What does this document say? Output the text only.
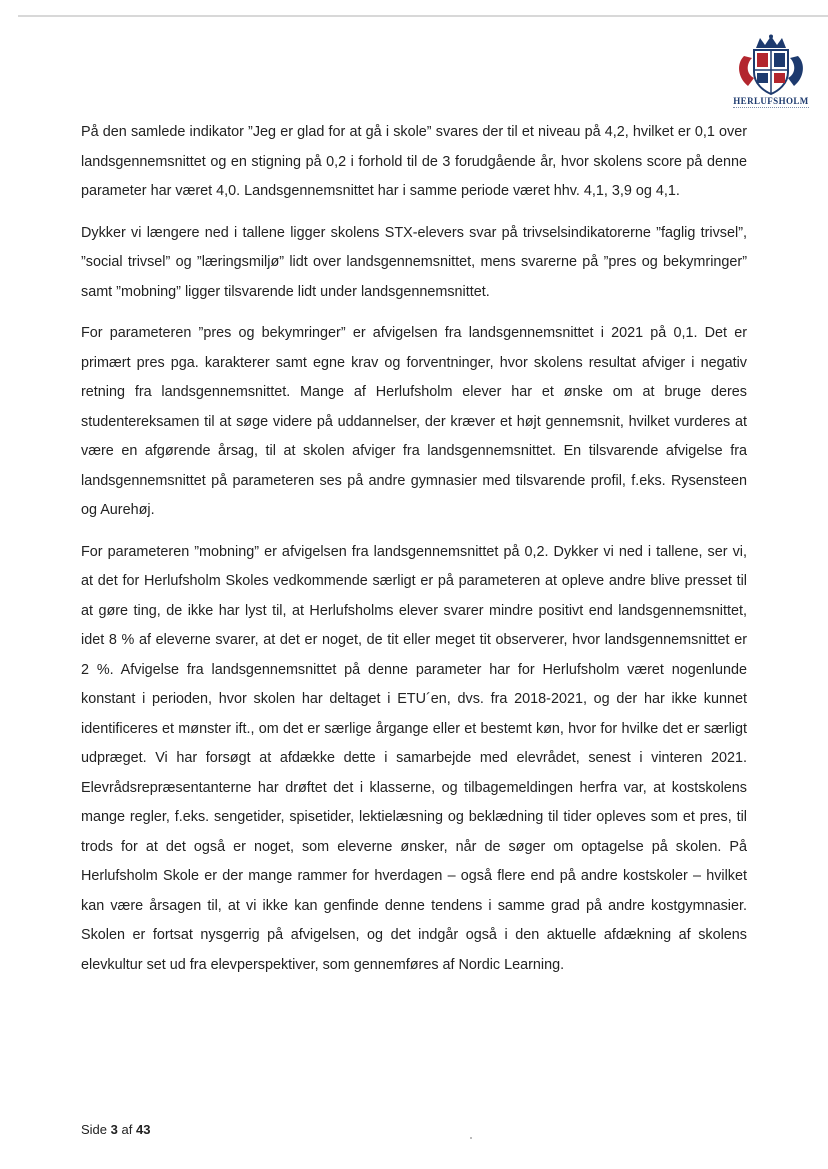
HERLUFSHOLM

På den samlede indikator ”Jeg er glad for at gå i skole” svares der til et niveau på 4,2, hvilket er 0,1 over landsgennemsnittet og en stigning på 0,2 i forhold til de 3 forudgående år, hvor skolens score på denne parameter har været 4,0. Landsgennemsnittet har i samme periode været hhv. 4,1, 3,9 og 4,1.

Dykker vi længere ned i tallene ligger skolens STX-elevers svar på trivselsindikatorerne ”faglig trivsel”, ”social trivsel” og ”læringsmiljø” lidt over landsgennemsnittet, mens svarerne på ”pres og bekymringer” samt ”mobning” ligger tilsvarende lidt under landsgennemsnittet.

For parameteren ”pres og bekymringer” er afvigelsen fra landsgennemsnittet i 2021 på 0,1. Det er primært pres pga. karakterer samt egne krav og forventninger, hvor skolens resultat afviger i negativ retning fra landsgennemsnittet. Mange af Herlufsholm elever har et ønske om at bruge deres studentereksamen til at søge videre på uddannelser, der kræver et højt gennemsnit, hvilket vurderes at være en afgørende årsag, til at skolen afviger fra landsgennemsnittet. En tilsvarende afvigelse fra landsgennemsnittet på parameteren ses på andre gymnasier med tilsvarende profil, f.eks. Rysensteen og Aurehøj.

For parameteren ”mobning” er afvigelsen fra landsgennemsnittet på 0,2. Dykker vi ned i tallene, ser vi, at det for Herlufsholm Skoles vedkommende særligt er på parameteren at opleve andre blive presset til at gøre ting, de ikke har lyst til, at Herlufsholms elever svarer mindre positivt end landsgennemsnittet, idet 8 % af eleverne svarer, at det er noget, de tit eller meget tit observerer, hvor landsgennemsnittet er 2 %. Afvigelse fra landsgennemsnittet på denne parameter har for Herlufsholm været nogenlunde konstant i perioden, hvor skolen har deltaget i ETU´en, dvs. fra 2018-2021, og der har ikke kunnet identificeres et mønster ift., om det er særlige årgange eller et bestemt køn, hvor for hvilke det er særligt udpræget. Vi har forsøgt at afdække dette i samarbejde med elevrådet, senest i vinteren 2021. Elevrådsrepræsentanterne har drøftet det i klasserne, og tilbagemeldingen herfra var, at kostskolens mange regler, f.eks. sengetider, spisetider, lektielæsning og beklædning til tider opleves som et pres, til trods for at det også er noget, som eleverne ønsker, når de søger om optagelse på skolen. På Herlufsholm Skole er der mange rammer for hverdagen – også flere end på andre kostskoler – hvilket kan være årsagen til, at vi ikke kan genfinde denne tendens i samme grad på andre kostgymnasier. Skolen er fortsat nysgerrig på afvigelsen, og det indgår også i den aktuelle afdækning af skolens elevkultur set ud fra elevperspektiver, som gennemføres af Nordic Learning.

Side 3 af 43
